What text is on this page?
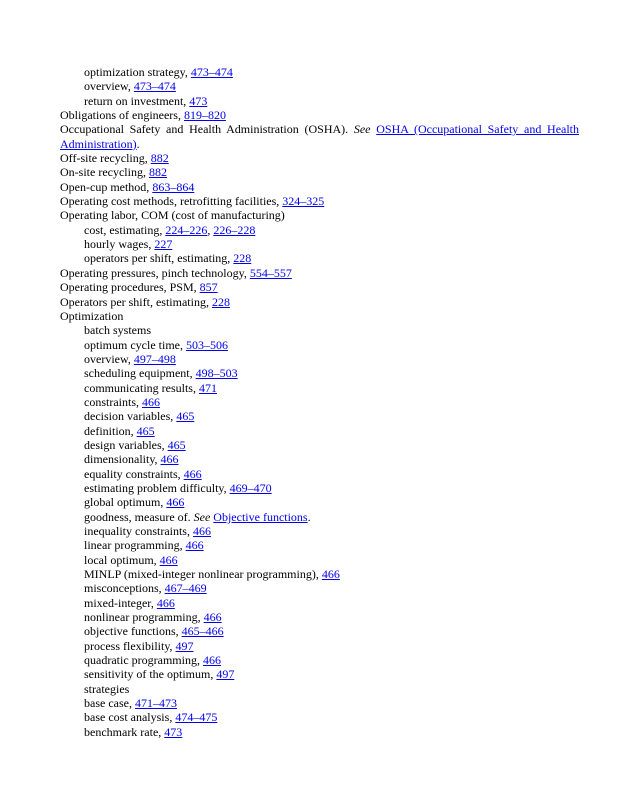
optimization strategy, 473–474
overview, 473–474
return on investment, 473
Obligations of engineers, 819–820
Occupational Safety and Health Administration (OSHA). See OSHA (Occupational Safety and Health Administration).
Off-site recycling, 882
On-site recycling, 882
Open-cup method, 863–864
Operating cost methods, retrofitting facilities, 324–325
Operating labor, COM (cost of manufacturing)
cost, estimating, 224–226, 226–228
hourly wages, 227
operators per shift, estimating, 228
Operating pressures, pinch technology, 554–557
Operating procedures, PSM, 857
Operators per shift, estimating, 228
Optimization
batch systems
optimum cycle time, 503–506
overview, 497–498
scheduling equipment, 498–503
communicating results, 471
constraints, 466
decision variables, 465
definition, 465
design variables, 465
dimensionality, 466
equality constraints, 466
estimating problem difficulty, 469–470
global optimum, 466
goodness, measure of. See Objective functions.
inequality constraints, 466
linear programming, 466
local optimum, 466
MINLP (mixed-integer nonlinear programming), 466
misconceptions, 467–469
mixed-integer, 466
nonlinear programming, 466
objective functions, 465–466
process flexibility, 497
quadratic programming, 466
sensitivity of the optimum, 497
strategies
base case, 471–473
base cost analysis, 474–475
benchmark rate, 473
